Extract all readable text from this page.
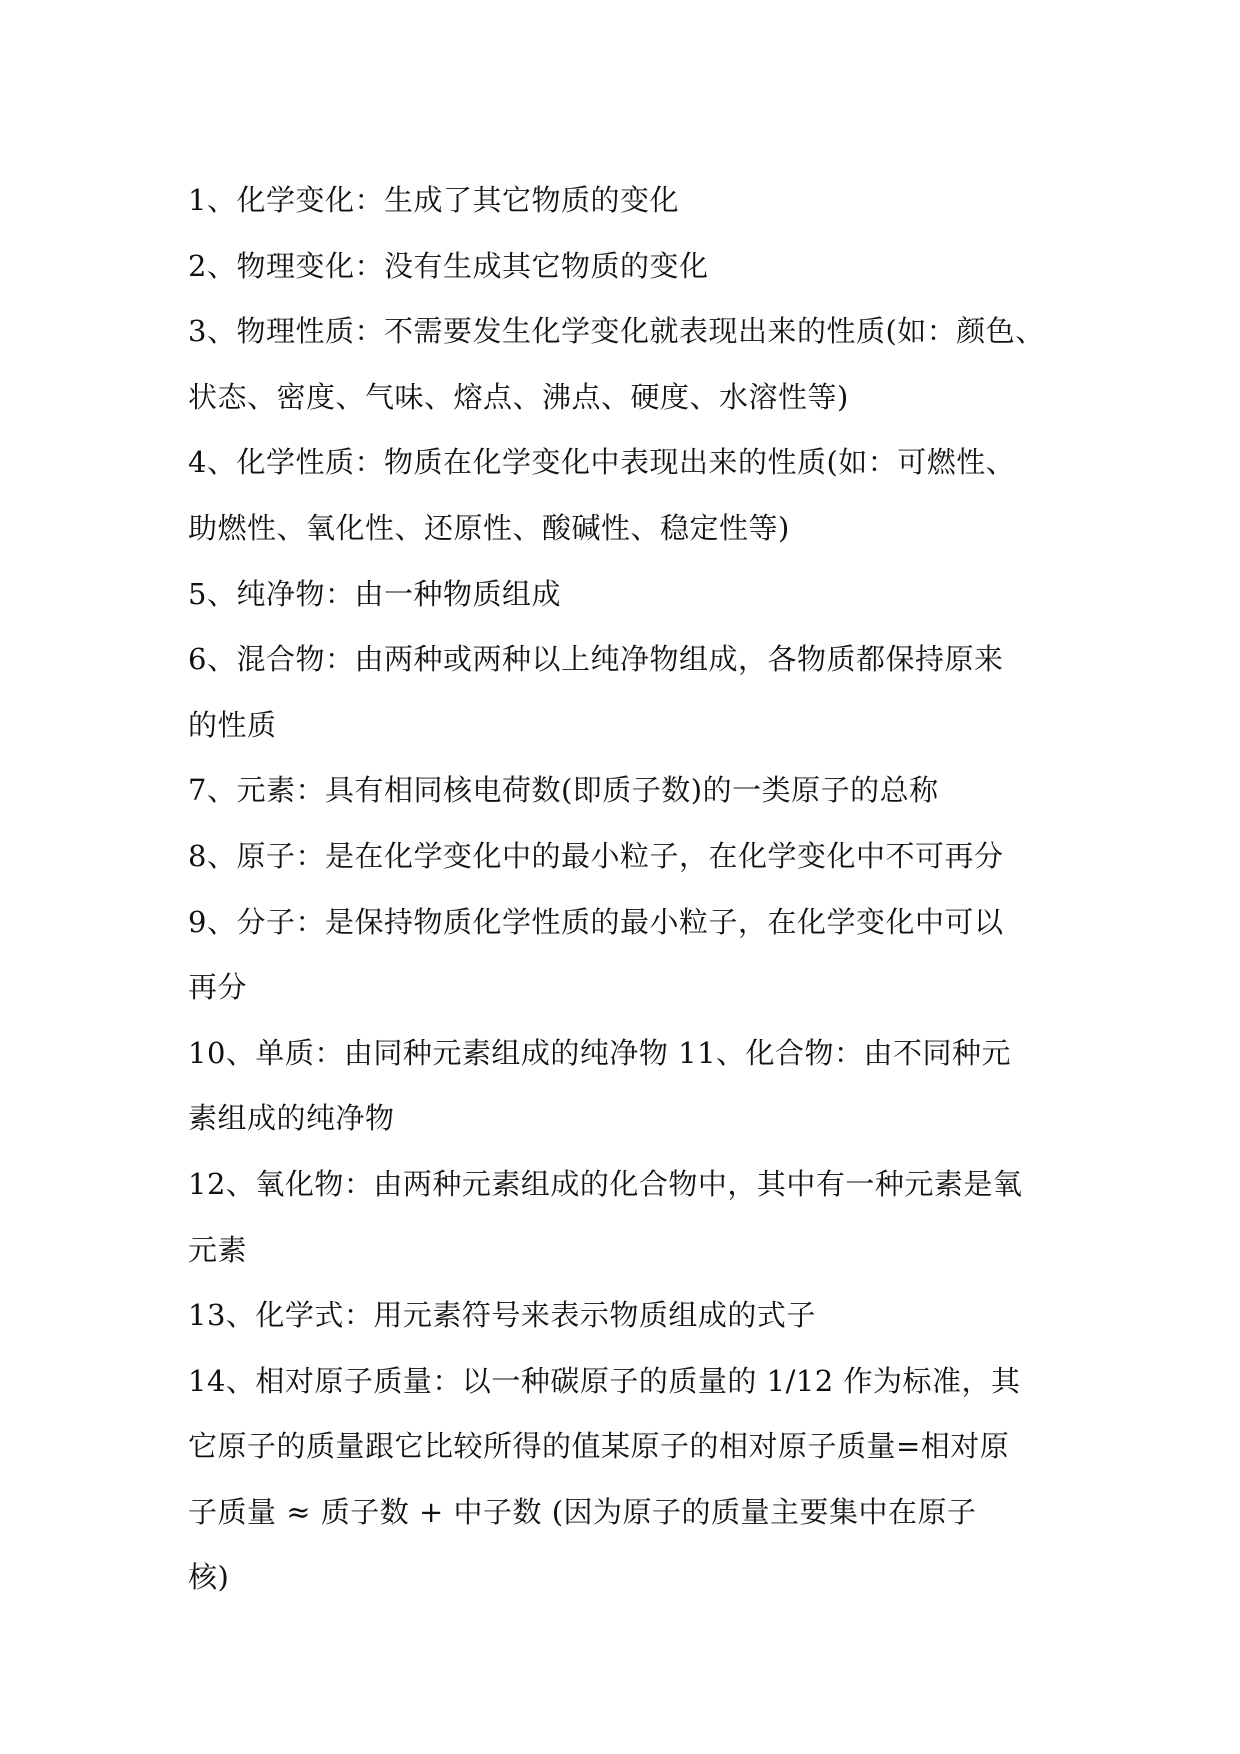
1、化学变化：生成了其它物质的变化
2、物理变化：没有生成其它物质的变化
3、物理性质：不需要发生化学变化就表现出来的性质(如：颜色、
状态、密度、气味、熔点、沸点、硬度、水溶性等)
4、化学性质：物质在化学变化中表现出来的性质(如：可燃性、
助燃性、氧化性、还原性、酸碱性、稳定性等)
5、纯净物：由一种物质组成
6、混合物：由两种或两种以上纯净物组成，各物质都保持原来
的性质
7、元素：具有相同核电荷数(即质子数)的一类原子的总称
8、原子：是在化学变化中的最小粒子，在化学变化中不可再分
9、分子：是保持物质化学性质的最小粒子，在化学变化中可以
再分
10、单质：由同种元素组成的纯净物 11、化合物：由不同种元
素组成的纯净物
12、氧化物：由两种元素组成的化合物中，其中有一种元素是氧
元素
13、化学式：用元素符号来表示物质组成的式子
14、相对原子质量：以一种碳原子的质量的 1/12 作为标准，其
它原子的质量跟它比较所得的值某原子的相对原子质量=相对原
子质量 ≈ 质子数 + 中子数 (因为原子的质量主要集中在原子
核)
